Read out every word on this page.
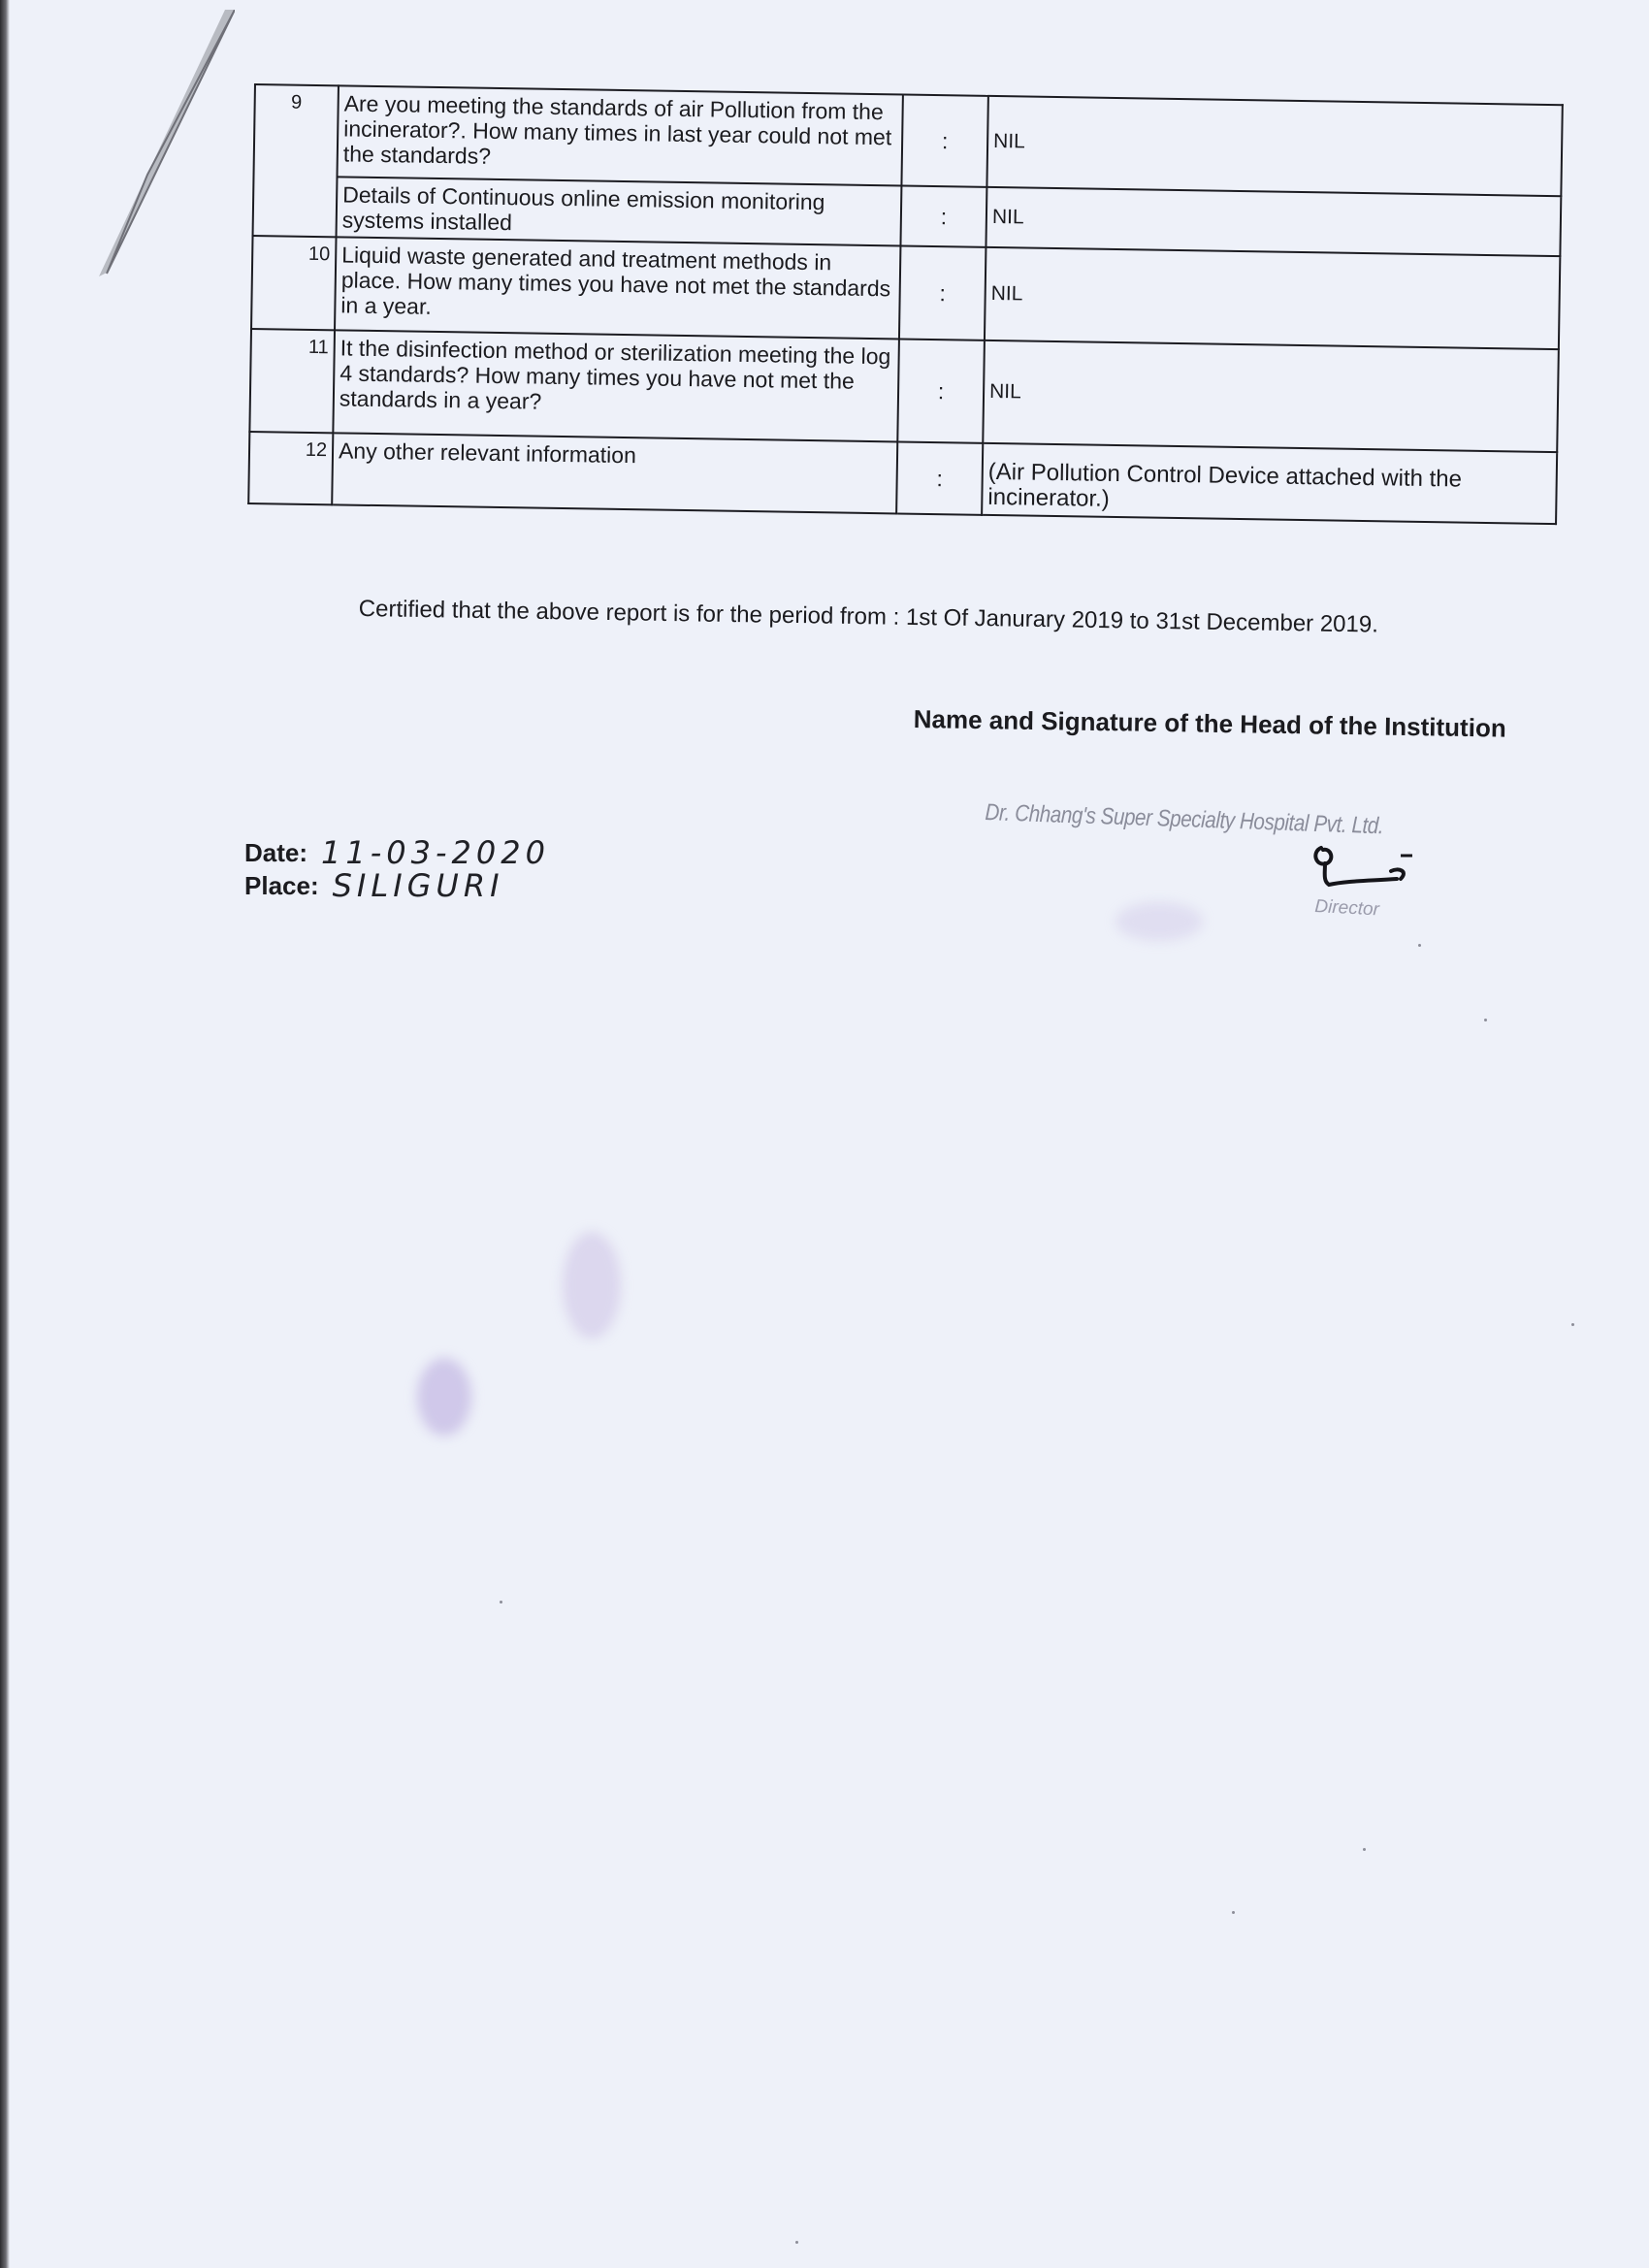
9	Are you meeting the standards of air Pollution from the incinerator?. How many times in last year could not met the standards?	:	NIL
	Details of Continuous online emission monitoring systems installed	:	NIL
10	Liquid waste generated and treatment methods in place. How many times you have not met the standards in a year.	:	NIL
11	It the disinfection method or sterilization meeting the log 4 standards? How many times you have not met the standards in a year?	:	NIL
12	Any other relevant information	:	(Air Pollution Control Device attached with the incinerator.)
Certified that the above report is for the period from : 1st Of Janurary 2019 to 31st December 2019.
Name and Signature of the Head of the Institution
Dr. Chhang's Super Specialty Hospital Pvt. Ltd.
Director
Date: 11-03-2020
Place: SILIGURI
